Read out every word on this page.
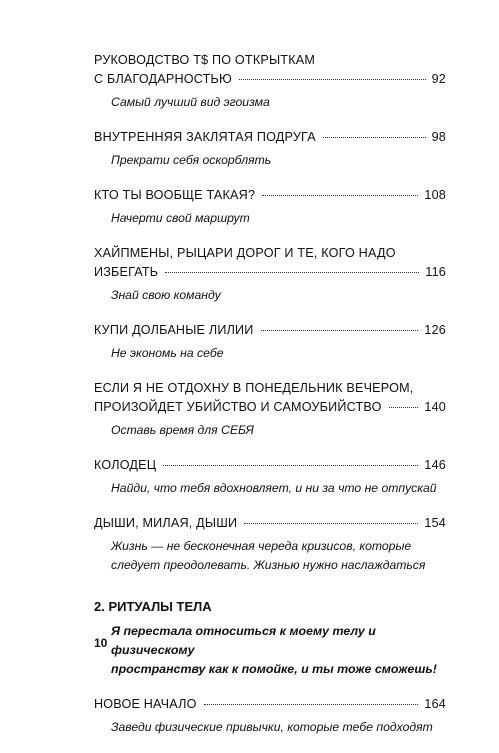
РУКОВОДСТВО T$ ПО ОТКРЫТКАМ
С БЛАГОДАРНОСТЬЮ	92
Самый лучший вид эгоизма
ВНУТРЕННЯЯ ЗАКЛЯТАЯ ПОДРУГА	98
Прекрати себя оскорблять
КТО ТЫ ВООБЩЕ ТАКАЯ?	108
Начерти свой маршрут
ХАЙПМЕНЫ, РЫЦАРИ ДОРОГ И ТЕ, КОГО НАДО
ИЗБЕГАТЬ	116
Знай свою команду
КУПИ ДОЛБАНЫЕ ЛИЛИИ	126
Не экономь на себе
ЕСЛИ Я НЕ ОТДОХНУ В ПОНЕДЕЛЬНИК ВЕЧЕРОМ,
ПРОИЗОЙДЕТ УБИЙСТВО И САМОУБИЙСТВО	140
Оставь время для СЕБЯ
КОЛОДЕЦ	146
Найди, что тебя вдохновляет, и ни за что не отпускай
ДЫШИ, МИЛАЯ, ДЫШИ	154
Жизнь — не бесконечная череда кризисов, которые
следует преодолевать. Жизнью нужно наслаждаться
2. РИТУАЛЫ ТЕЛА
Я перестала относиться к моему телу и физическому
пространству как к помойке, и ты тоже сможешь!
НОВОЕ НАЧАЛО	164
Заведи физические привычки, которые тебе подходят
10
